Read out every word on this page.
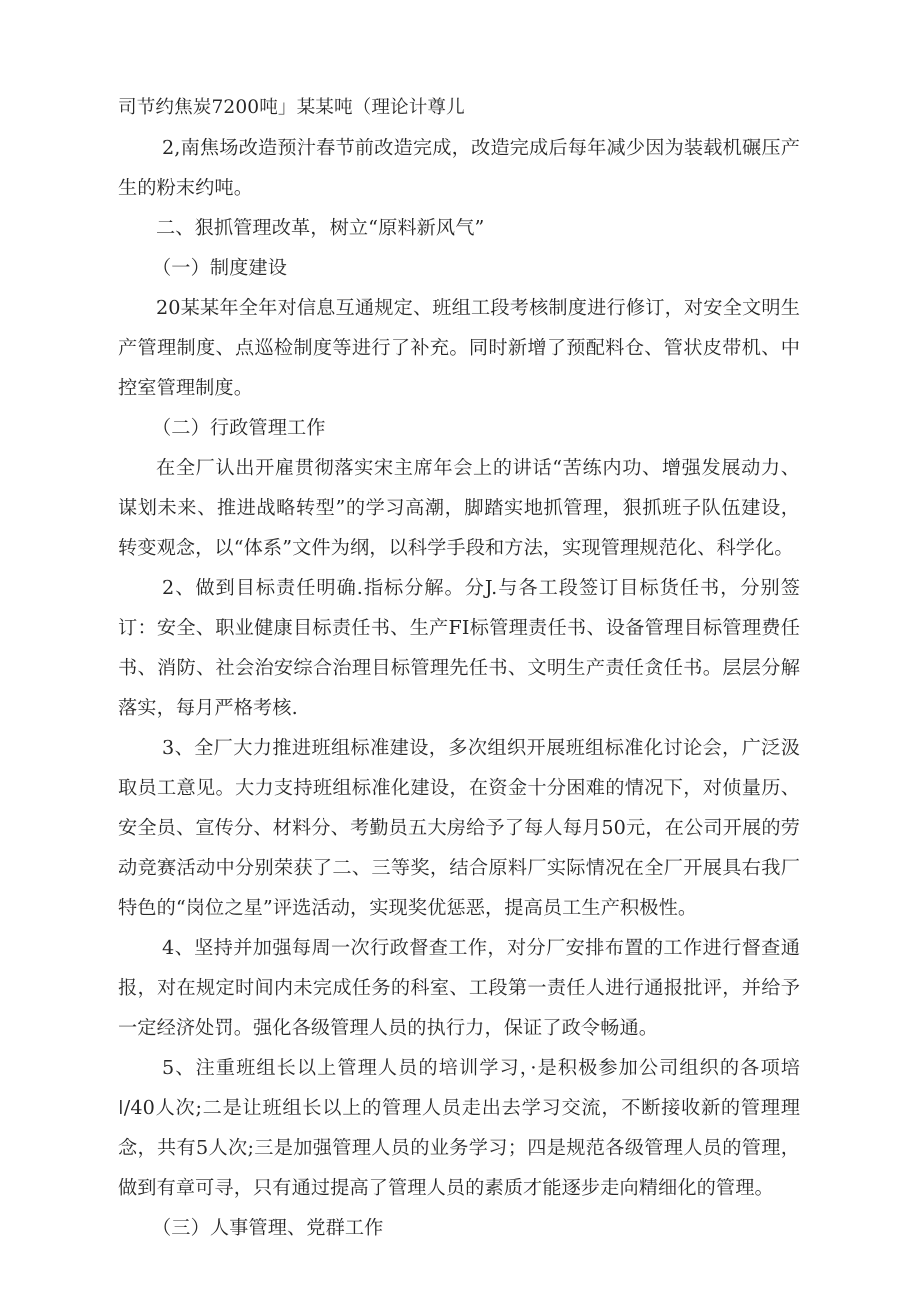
司节约焦炭7200吨」某某吨（理论计尊儿

2,南焦场改造预汁春节前改造完成，改造完成后每年减少因为装载机碾压产生的粉末约吨。

二、狠抓管理改革，树立“原料新风气”

（一）制度建设

20某某年全年对信息互通规定、班组工段考核制度进行修订，对安全文明生产管理制度、点巡检制度等进行了补充。同时新增了预配料仓、管状皮带机、中控室管理制度。

（二）行政管理工作

在全厂认出开雇贯彻落实宋主席年会上的讲话“苦练内功、增强发展动力、谋划未来、推进战略转型”的学习高潮，脚踏实地抓管理，狠抓班子队伍建设，转变观念，以“体系”文件为纲，以科学手段和方法，实现管理规范化、科学化。

2、做到目标责任明确.指标分解。分J.与各工段签订目标货任书，分别签订：安全、职业健康目标责任书、生产FI标管理责任书、设备管理目标管理费任书、消防、社会治安综合治理目标管理先任书、文明生产责任贪任书。层层分解落实，每月严格考核.

3、全厂大力推进班组标准建设，多次组织开展班组标准化讨论会，广泛汲取员工意见。大力支持班组标准化建设，在资金十分困难的情况下，对侦量历、安全员、宣传分、材料分、考勤员五大房给予了每人每月50元，在公司开展的劳动竞赛活动中分别荣获了二、三等奖，结合原料厂实际情况在全厂开展具右我厂特色的“岗位之星”评选活动，实现奖优惩恶，提高员工生产积极性。

4、坚持并加强每周一次行政督查工作，对分厂安排布置的工作进行督查通报，对在规定时间内未完成任务的科室、工段第一责任人进行通报批评，并给予一定经济处罚。强化各级管理人员的执行力，保证了政令畅通。

5、注重班组长以上管理人员的培训学习，·是积极参加公司组织的各项培ǀ/40人次;二是让班组长以上的管理人员走出去学习交流，不断接收新的管理理念，共有5人次;三是加强管理人员的业务学习；四是规范各级管理人员的管理，做到有章可寻，只有通过提高了管理人员的素质才能逐步走向精细化的管理。

（三）人事管理、党群工作
